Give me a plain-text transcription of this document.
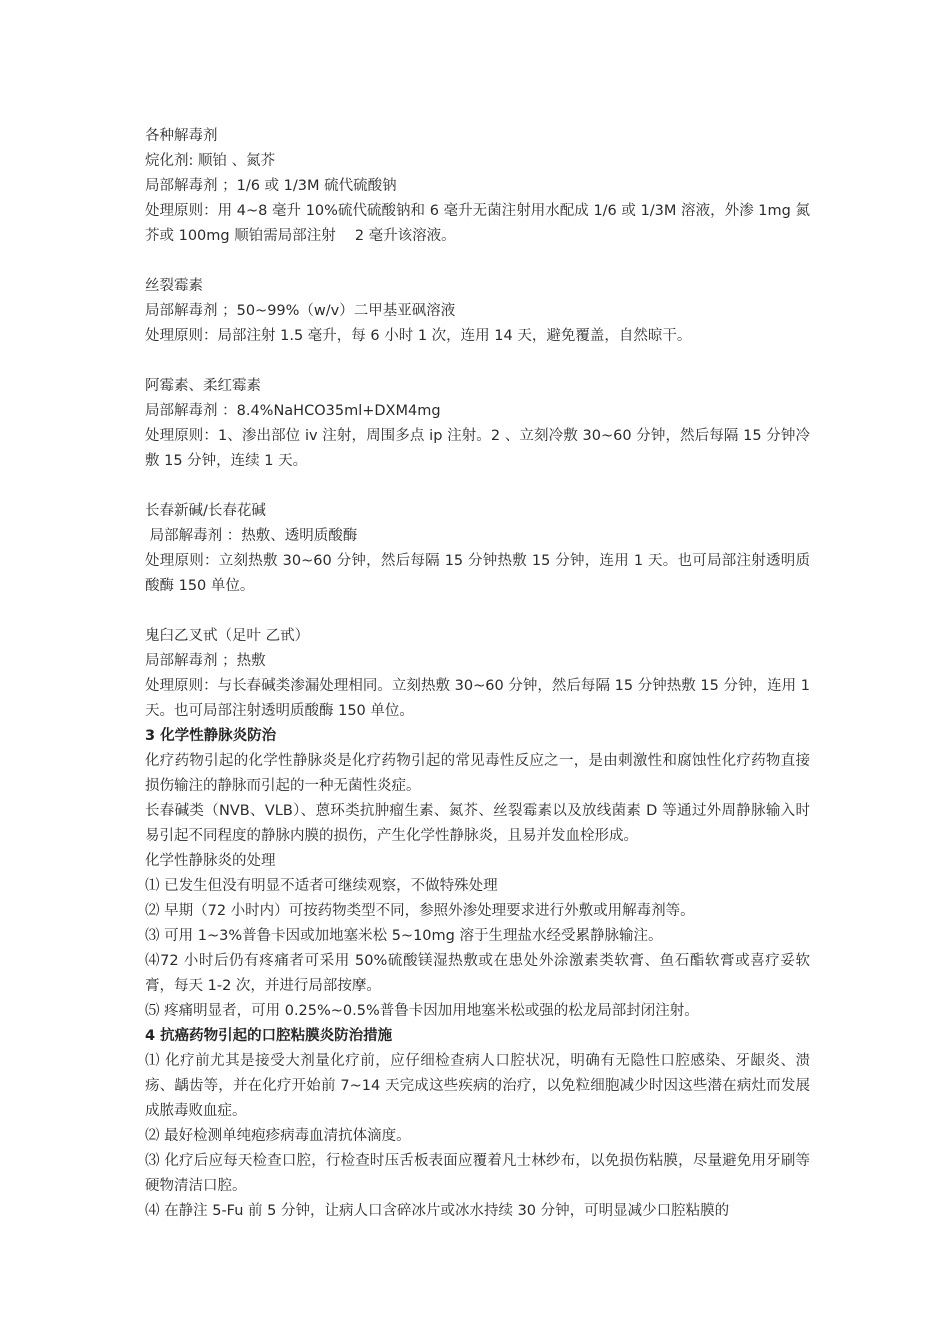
各种解毒剂
烷化剂: 顺铂 、氮芥
局部解毒剂 ；1/6 或 1/3M 硫代硫酸钠
处理原则：用 4~8 毫升 10%硫代硫酸钠和 6 毫升无菌注射用水配成 1/6 或 1/3M 溶液，外渗 1mg 氮芥或 100mg 顺铂需局部注射 　2 毫升该溶液。
丝裂霉素
局部解毒剂 ；50~99%（w/v）二甲基亚砜溶液
处理原则：局部注射 1.5 毫升，每 6 小时 1 次，连用 14 天，避免覆盖，自然晾干。
阿霉素、柔红霉素
局部解毒剂 ：8.4%NaHCO35ml+DXM4mg
处理原则：1、渗出部位 iv 注射，周围多点 ip 注射。2 、立刻冷敷 30~60 分钟，然后每隔 15 分钟冷敷 15 分钟，连续 1 天。
长春新碱/长春花碱
局部解毒剂 ：热敷、透明质酸酶
处理原则：立刻热敷 30~60 分钟，然后每隔 15 分钟热敷 15 分钟，连用 1 天。也可局部注射透明质酸酶 150 单位。
鬼臼乙叉甙（足叶 乙甙）
局部解毒剂 ；热敷
处理原则：与长春碱类渗漏处理相同。立刻热敷 30~60 分钟，然后每隔 15 分钟热敷 15 分钟，连用 1 天。也可局部注射透明质酸酶 150 单位。
3 化学性静脉炎防治
化疗药物引起的化学性静脉炎是化疗药物引起的常见毒性反应之一，是由刺激性和腐蚀性化疗药物直接损伤输注的静脉而引起的一种无菌性炎症。
长春碱类（NVB、VLB）、蒽环类抗肿瘤生素、氮芥、丝裂霉素以及放线菌素 D 等通过外周静脉输入时易引起不同程度的静脉内膜的损伤，产生化学性静脉炎，且易并发血栓形成。
化学性静脉炎的处理
⑴ 已发生但没有明显不适者可继续观察，不做特殊处理
⑵ 早期（72 小时内）可按药物类型不同，参照外渗处理要求进行外敷或用解毒剂等。
⑶ 可用 1~3%普鲁卡因或加地塞米松 5~10mg 溶于生理盐水经受累静脉输注。
⑷72 小时后仍有疼痛者可采用 50%硫酸镁湿热敷或在患处外涂激素类软膏、鱼石酯软膏或喜疗妥软膏，每天 1-2 次，并进行局部按摩。
⑸ 疼痛明显者，可用 0.25%~0.5%普鲁卡因加用地塞米松或强的松龙局部封闭注射。
4 抗癌药物引起的口腔粘膜炎防治措施
⑴ 化疗前尤其是接受大剂量化疗前，应仔细检查病人口腔状况，明确有无隐性口腔感染、牙龈炎、溃疡、龋齿等，并在化疗开始前 7~14 天完成这些疾病的治疗，以免粒细胞减少时因这些潜在病灶而发展成脓毒败血症。
⑵ 最好检测单纯疱疹病毒血清抗体滴度。
⑶ 化疗后应每天检查口腔，行检查时压舌板表面应覆着凡士林纱布，以免损伤粘膜，尽量避免用牙刷等硬物清洁口腔。
⑷ 在静注 5-Fu 前 5 分钟，让病人口含碎冰片或冰水持续 30 分钟，可明显减少口腔粘膜的
